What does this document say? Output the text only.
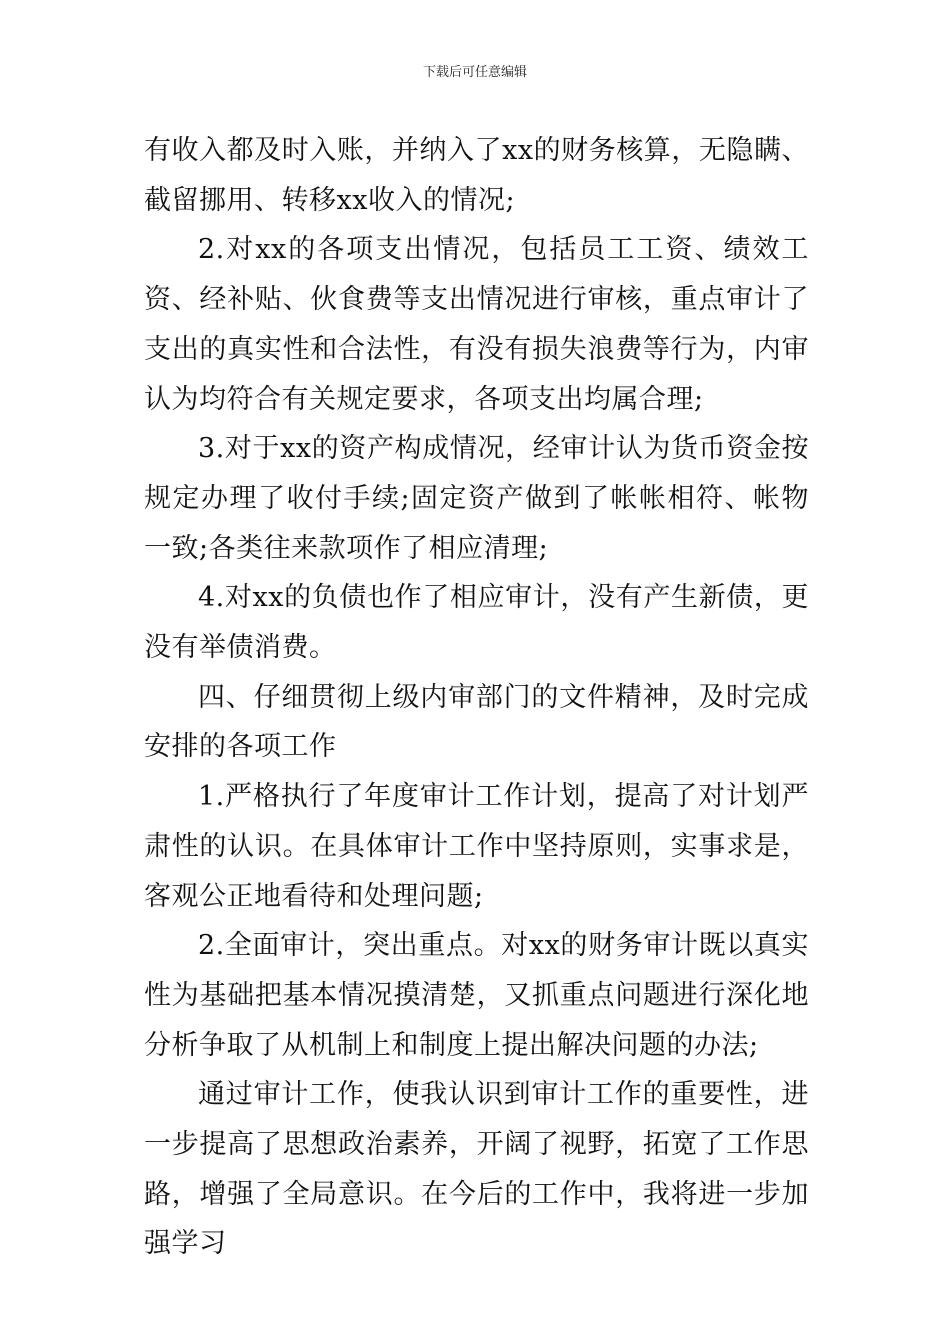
下载后可任意编辑

有收入都及时入账，并纳入了xx的财务核算，无隐瞒、截留挪用、转移xx收入的情况;

2.对xx的各项支出情况，包括员工工资、绩效工资、经补贴、伙食费等支出情况进行审核，重点审计了支出的真实性和合法性，有没有损失浪费等行为，内审认为均符合有关规定要求，各项支出均属合理;

3.对于xx的资产构成情况，经审计认为货币资金按规定办理了收付手续;固定资产做到了帐帐相符、帐物一致;各类往来款项作了相应清理;

4.对xx的负债也作了相应审计，没有产生新债，更没有举债消费。

四、仔细贯彻上级内审部门的文件精神，及时完成安排的各项工作

1.严格执行了年度审计工作计划，提高了对计划严肃性的认识。在具体审计工作中坚持原则，实事求是，客观公正地看待和处理问题;

2.全面审计，突出重点。对xx的财务审计既以真实性为基础把基本情况摸清楚，又抓重点问题进行深化地分析争取了从机制上和制度上提出解决问题的办法;

通过审计工作，使我认识到审计工作的重要性，进一步提高了思想政治素养，开阔了视野，拓宽了工作思路，增强了全局意识。在今后的工作中，我将进一步加强学习
